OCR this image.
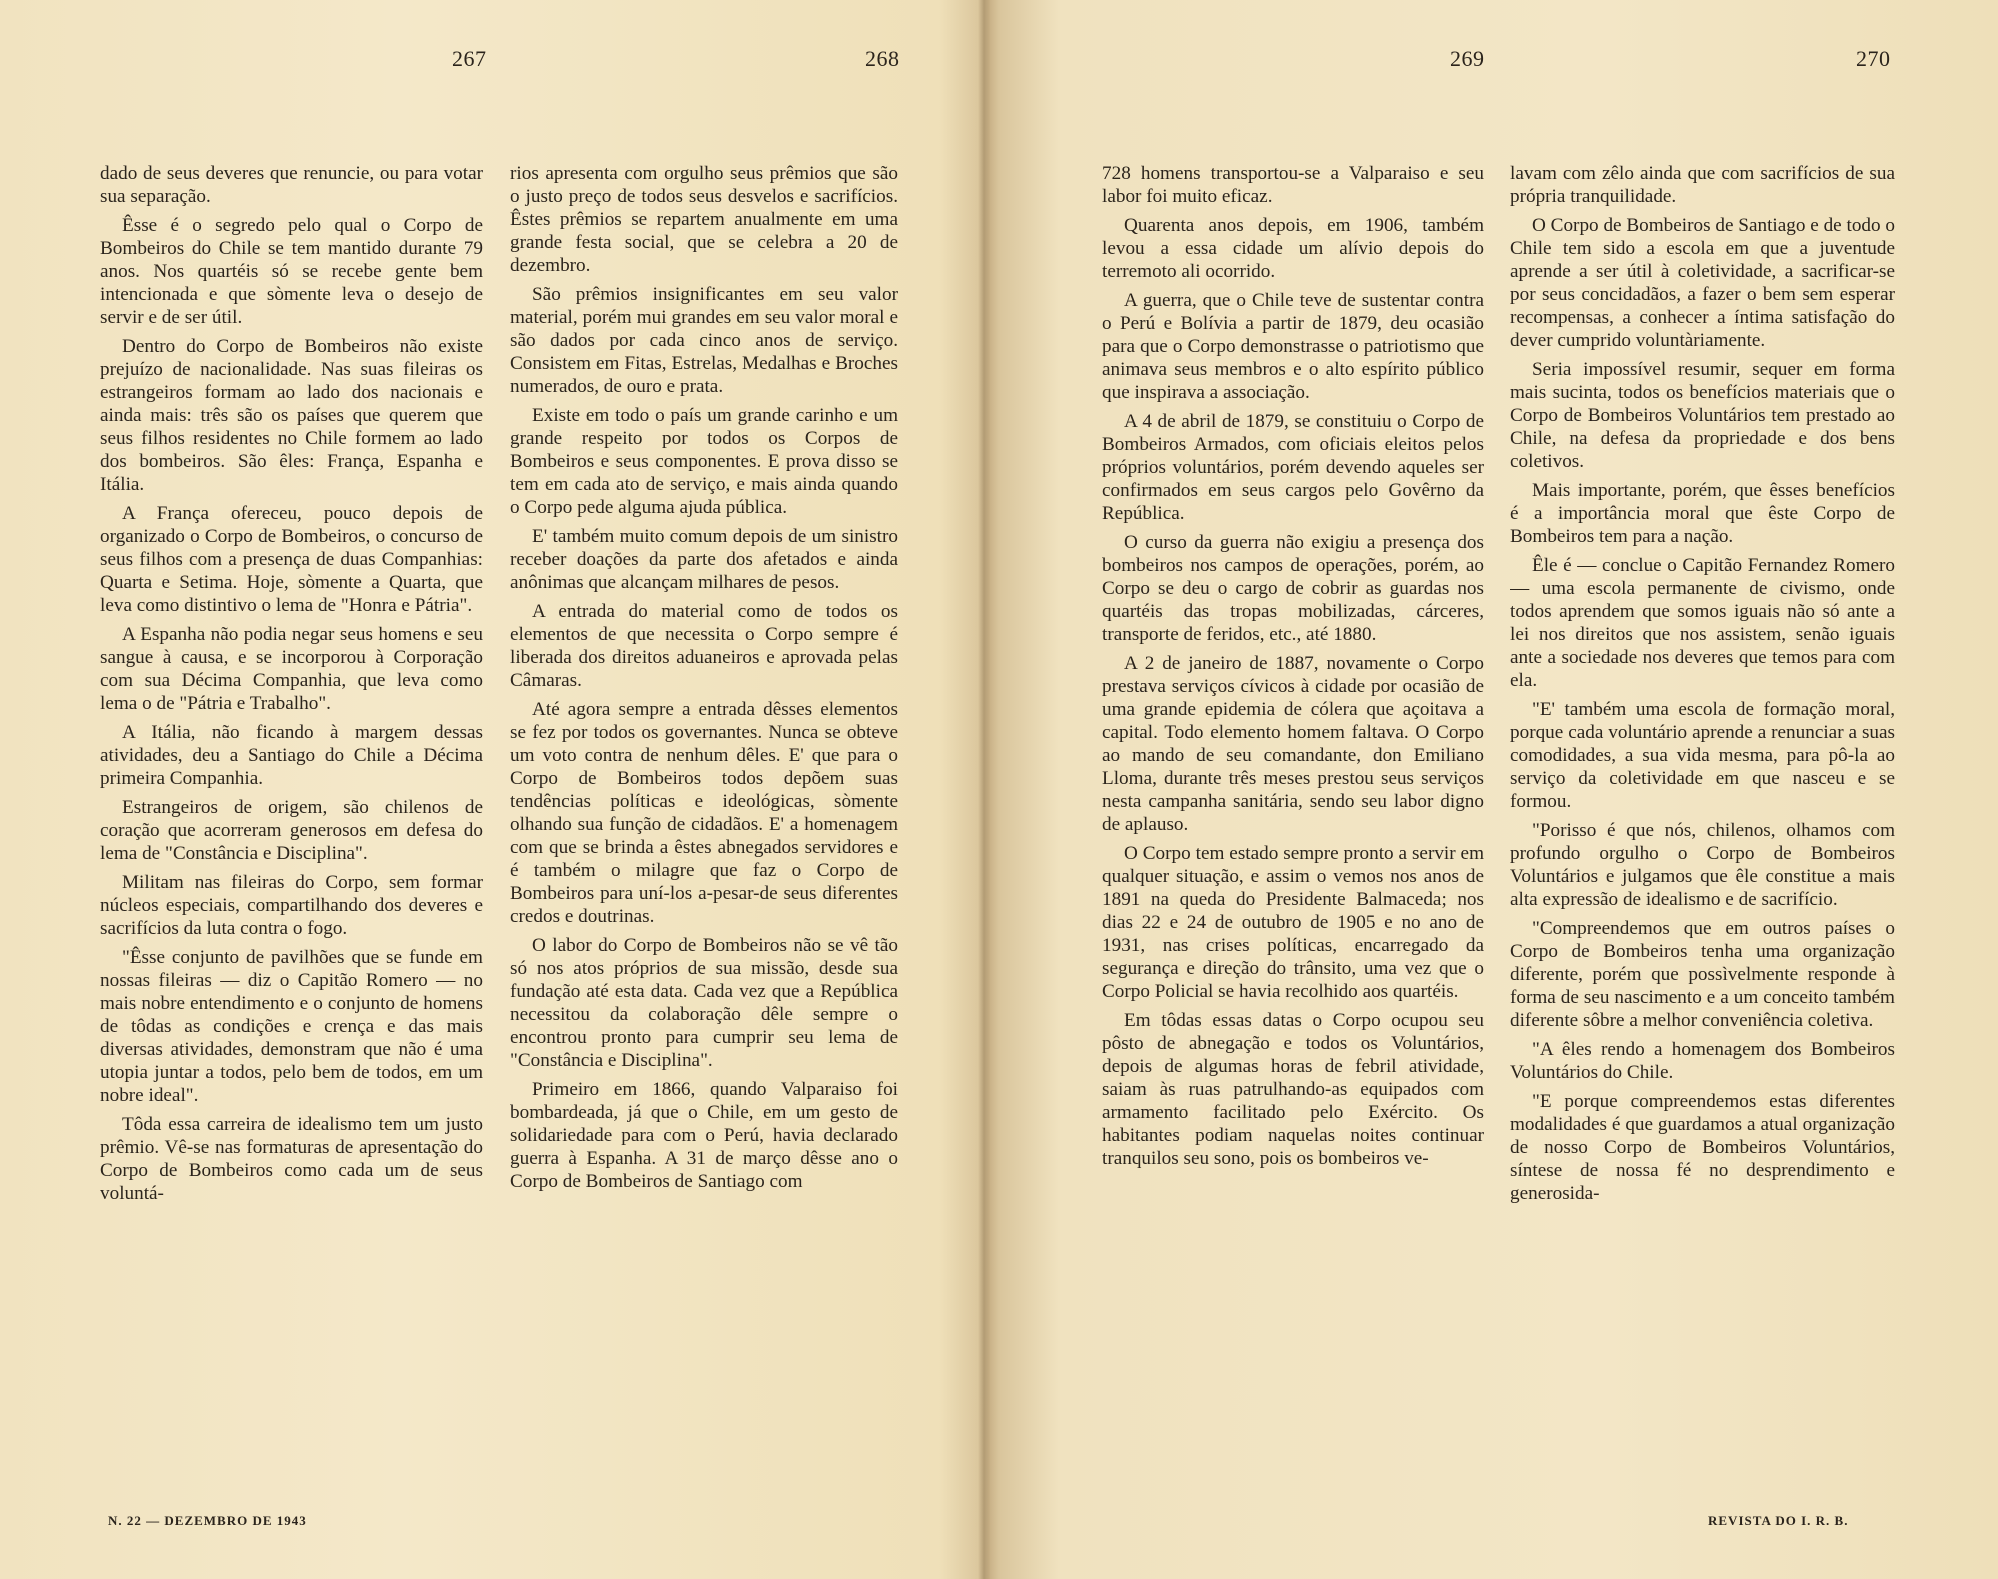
267	268	269	270

dado de seus deveres que renuncie, ou para votar sua separação.

Êsse é o segredo pelo qual o Corpo de Bombeiros do Chile se tem mantido durante 79 anos. Nos quartéis só se recebe gente bem intencionada e que sòmente leva o desejo de servir e de ser útil.

Dentro do Corpo de Bombeiros não existe prejuízo de nacionalidade. Nas suas fileiras os estrangeiros formam ao lado dos nacionais e ainda mais: três são os países que querem que seus filhos residentes no Chile formem ao lado dos bombeiros. São êles: França, Espanha e Itália.

A França ofereceu, pouco depois de organizado o Corpo de Bombeiros, o concurso de seus filhos com a presença de duas Companhias: Quarta e Setima. Hoje, sòmente a Quarta, que leva como distintivo o lema de "Honra e Pátria".

A Espanha não podia negar seus homens e seu sangue à causa, e se incorporou à Corporação com sua Décima Companhia, que leva como lema o de "Pátria e Trabalho".

A Itália, não ficando à margem dessas atividades, deu a Santiago do Chile a Décima primeira Companhia.

Estrangeiros de origem, são chilenos de coração que acorreram generosos em defesa do lema de "Constância e Disciplina".

Militam nas fileiras do Corpo, sem formar núcleos especiais, compartilhando dos deveres e sacrifícios da luta contra o fogo.

"Êsse conjunto de pavilhões que se funde em nossas fileiras — diz o Capitão Romero — no mais nobre entendimento e o conjunto de homens de tôdas as condições e crença e das mais diversas atividades, demonstram que não é uma utopia juntar a todos, pelo bem de todos, em um nobre ideal".

Tôda essa carreira de idealismo tem um justo prêmio. Vê-se nas formaturas de apresentação do Corpo de Bombeiros como cada um de seus voluntá-

rios apresenta com orgulho seus prêmios que são o justo preço de todos seus desvelos e sacrifícios. Êstes prêmios se repartem anualmente em uma grande festa social, que se celebra a 20 de dezembro.

São prêmios insignificantes em seu valor material, porém mui grandes em seu valor moral e são dados por cada cinco anos de serviço. Consistem em Fitas, Estrelas, Medalhas e Broches numerados, de ouro e prata.

Existe em todo o país um grande carinho e um grande respeito por todos os Corpos de Bombeiros e seus componentes. E prova disso se tem em cada ato de serviço, e mais ainda quando o Corpo pede alguma ajuda pública.

E' também muito comum depois de um sinistro receber doações da parte dos afetados e ainda anônimas que alcançam milhares de pesos.

A entrada do material como de todos os elementos de que necessita o Corpo sempre é liberada dos direitos aduaneiros e aprovada pelas Câmaras.

Até agora sempre a entrada dêsses elementos se fez por todos os governantes. Nunca se obteve um voto contra de nenhum dêles. E' que para o Corpo de Bombeiros todos depõem suas tendências políticas e ideológicas, sòmente olhando sua função de cidadãos. E' a homenagem com que se brinda a êstes abnegados servidores e é também o milagre que faz o Corpo de Bombeiros para uní-los a-pesar-de seus diferentes credos e doutrinas.

O labor do Corpo de Bombeiros não se vê tão só nos atos próprios de sua missão, desde sua fundação até esta data. Cada vez que a República necessitou da colaboração dêle sempre o encontrou pronto para cumprir seu lema de "Constância e Disciplina".

Primeiro em 1866, quando Valparaiso foi bombardeada, já que o Chile, em um gesto de solidariedade para com o Perú, havia declarado guerra à Espanha. A 31 de março dêsse ano o Corpo de Bombeiros de Santiago com

728 homens transportou-se a Valparaiso e seu labor foi muito eficaz.

Quarenta anos depois, em 1906, também levou a essa cidade um alívio depois do terremoto ali ocorrido.

A guerra, que o Chile teve de sustentar contra o Perú e Bolívia a partir de 1879, deu ocasião para que o Corpo demonstrasse o patriotismo que animava seus membros e o alto espírito público que inspirava a associação.

A 4 de abril de 1879, se constituiu o Corpo de Bombeiros Armados, com oficiais eleitos pelos próprios voluntários, porém devendo aqueles ser confirmados em seus cargos pelo Govêrno da República.

O curso da guerra não exigiu a presença dos bombeiros nos campos de operações, porém, ao Corpo se deu o cargo de cobrir as guardas nos quartéis das tropas mobilizadas, cárceres, transporte de feridos, etc., até 1880.

A 2 de janeiro de 1887, novamente o Corpo prestava serviços cívicos à cidade por ocasião de uma grande epidemia de cólera que açoitava a capital. Todo elemento homem faltava. O Corpo ao mando de seu comandante, don Emiliano Lloma, durante três meses prestou seus serviços nesta campanha sanitária, sendo seu labor digno de aplauso.

O Corpo tem estado sempre pronto a servir em qualquer situação, e assim o vemos nos anos de 1891 na queda do Presidente Balmaceda; nos dias 22 e 24 de outubro de 1905 e no ano de 1931, nas crises políticas, encarregado da segurança e direção do trânsito, uma vez que o Corpo Policial se havia recolhido aos quartéis.

Em tôdas essas datas o Corpo ocupou seu pôsto de abnegação e todos os Voluntários, depois de algumas horas de febril atividade, saiam às ruas patrulhando-as equipados com armamento facilitado pelo Exército. Os habitantes podiam naquelas noites continuar tranquilos seu sono, pois os bombeiros ve-

lavam com zêlo ainda que com sacrifícios de sua própria tranquilidade.

O Corpo de Bombeiros de Santiago e de todo o Chile tem sido a escola em que a juventude aprende a ser útil à coletividade, a sacrificar-se por seus concidadãos, a fazer o bem sem esperar recompensas, a conhecer a íntima satisfação do dever cumprido voluntàriamente.

Seria impossível resumir, sequer em forma mais sucinta, todos os benefícios materiais que o Corpo de Bombeiros Voluntários tem prestado ao Chile, na defesa da propriedade e dos bens coletivos.

Mais importante, porém, que êsses benefícios é a importância moral que êste Corpo de Bombeiros tem para a nação.

Êle é — conclue o Capitão Fernandez Romero — uma escola permanente de civismo, onde todos aprendem que somos iguais não só ante a lei nos direitos que nos assistem, senão iguais ante a sociedade nos deveres que temos para com ela.

"E' também uma escola de formação moral, porque cada voluntário aprende a renunciar a suas comodidades, a sua vida mesma, para pô-la ao serviço da coletividade em que nasceu e se formou.

"Porisso é que nós, chilenos, olhamos com profundo orgulho o Corpo de Bombeiros Voluntários e julgamos que êle constitue a mais alta expressão de idealismo e de sacrifício.

"Compreendemos que em outros países o Corpo de Bombeiros tenha uma organização diferente, porém que possìvelmente responde à forma de seu nascimento e a um conceito também diferente sôbre a melhor conveniência coletiva.

"A êles rendo a homenagem dos Bombeiros Voluntários do Chile.

"E porque compreendemos estas diferentes modalidades é que guardamos a atual organização de nosso Corpo de Bombeiros Voluntários, síntese de nossa fé no desprendimento e generosida-

N. 22 — DEZEMBRO DE 1943	REVISTA DO I. R. B.
